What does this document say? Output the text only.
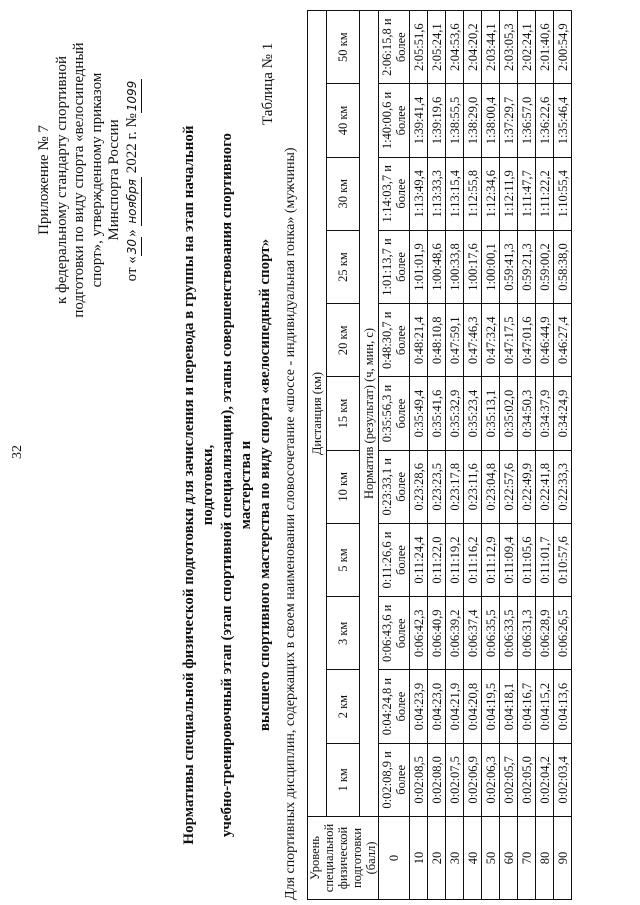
32
Приложение № 7 к федеральному стандарту спортивной подготовки по виду спорта «велосипедный спорт», утвержденному приказом Минспорта России
от «30» ноября 2022 г. №1099
Нормативы специальной физической подготовки для зачисления и перевода в группы на этап начальной подготовки, учебно-тренировочный этап (этап спортивной специализации), этапы совершенствования спортивного мастерства и высшего спортивного мастерства по виду спорта «велосипедный спорт»
Таблица № 1
Для спортивных дисциплин, содержащих в своем наименовании словосочетание «шоссе - индивидуальная гонка» (мужчины) Уровень специальной физической подготовки (балл)	Дистанция (км)										
	1 км	2 км	3 км	5 км	10 км	15 км	20 км	25 км	30 км	40 км	50 км
	Норматив (результат) (ч, мин, с)										
0	0:02:08,9 и более	0:04:24,8 и более	0:06:43,6 и более	0:11:26,6 и более	0:23:33,1 и более	0:35:56,3 и более	0:48:30,7 и более	1:01:13,7 и более	1:14:03,7 и более	1:40:00,6 и более	2:06:15,8 и более
10	0:02:08,5	0:04:23,9	0:06:42,3	0:11:24,4	0:23:28,6	0:35:49,4	0:48:21,4	1:01:01,9	1:13:49,4	1:39:41,4	2:05:51,6
20	0:02:08,0	0:04:23,0	0:06:40,9	0:11:22,0	0:23:23,5	0:35:41,6	0:48:10,8	1:00:48,6	1:13:33,3	1:39:19,6	2:05:24,1
30	0:02:07,5	0:04:21,9	0:06:39,2	0:11:19,2	0:23:17,8	0:35:32,9	0:47:59,1	1:00:33,8	1:13:15,4	1:38:55,5	2:04:53,6
40	0:02:06,9	0:04:20,8	0:06:37,4	0:11:16,2	0:23:11,6	0:35:23,4	0:47:46,3	1:00:17,6	1:12:55,8	1:38:29,0	2:04:20,2
50	0:02:06,3	0:04:19,5	0:06:35,5	0:11:12,9	0:23:04,8	0:35:13,1	0:47:32,4	1:00:00,1	1:12:34,6	1:38:00,4	2:03:44,1
60	0:02:05,7	0:04:18,1	0:06:33,5	0:11:09,4	0:22:57,6	0:35:02,0	0:47:17,5	0:59:41,3	1:12:11,9	1:37:29,7	2:03:05,3
70	0:02:05,0	0:04:16,7	0:06:31,3	0:11:05,6	0:22:49,9	0:34:50,3	0:47:01,6	0:59:21,3	1:11:47,7	1:36:57,0	2:02:24,1
80	0:02:04,2	0:04:15,2	0:06:28,9	0:11:01,7	0:22:41,8	0:34:37,9	0:46:44,9	0:59:00,2	1:11:22,2	1:36:22,6	2:01:40,6
90	0:02:03,4	0:04:13,6	0:06:26,5	0:10:57,6	0:22:33,3	0:34:24,9	0:46:27,4	0:58:38,0	1:10:55,4	1:35:46,4	2:00:54,9
